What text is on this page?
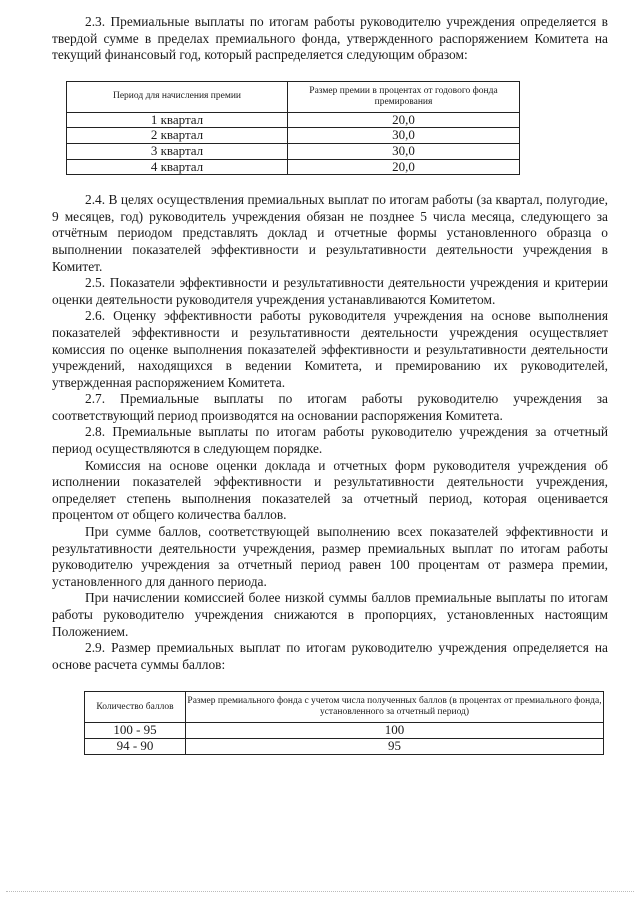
2.3. Премиальные выплаты по итогам работы руководителю учреждения определяется в твердой сумме в пределах премиального фонда, утвержденного распоряжением Комитета на текущий финансовый год, который распределяется следующим образом:

Период для начисления премии	Размер премии в процентах от годового фонда премирования
1 квартал	20,0
2 квартал	30,0
3 квартал	30,0
4 квартал	20,0

2.4. В целях осуществления премиальных выплат по итогам работы (за квартал, полугодие, 9 месяцев, год) руководитель учреждения обязан не позднее 5 числа месяца, следующего за отчётным периодом представлять доклад и отчетные формы установленного образца о выполнении показателей эффективности и результативности деятельности учреждения в Комитет.

2.5. Показатели эффективности и результативности деятельности учреждения и критерии оценки деятельности руководителя учреждения устанавливаются Комитетом.

2.6. Оценку эффективности работы руководителя учреждения на основе выполнения показателей эффективности и результативности деятельности учреждения осуществляет комиссия по оценке выполнения показателей эффективности и результативности деятельности учреждений, находящихся в ведении Комитета, и премированию их руководителей, утвержденная распоряжением Комитета.

2.7. Премиальные выплаты по итогам работы руководителю учреждения за соответствующий период производятся на основании распоряжения Комитета.

2.8. Премиальные выплаты по итогам работы руководителю учреждения за отчетный период осуществляются в следующем порядке.

Комиссия на основе оценки доклада и отчетных форм руководителя учреждения об исполнении показателей эффективности и результативности деятельности учреждения, определяет степень выполнения показателей за отчетный период, которая оценивается процентом от общего количества баллов.

При сумме баллов, соответствующей выполнению всех показателей эффективности и результативности деятельности учреждения, размер премиальных выплат по итогам работы руководителю учреждения за отчетный период равен 100 процентам от размера премии, установленного для данного периода.

При начислении комиссией более низкой суммы баллов премиальные выплаты по итогам работы руководителю учреждения снижаются в пропорциях, установленных настоящим Положением.

2.9. Размер премиальных выплат по итогам руководителю учреждения определяется на основе расчета суммы баллов:

Количество баллов	Размер премиального фонда с учетом числа полученных баллов (в процентах от премиального фонда, установленного за отчетный период)
100 - 95	100
94 - 90	95
